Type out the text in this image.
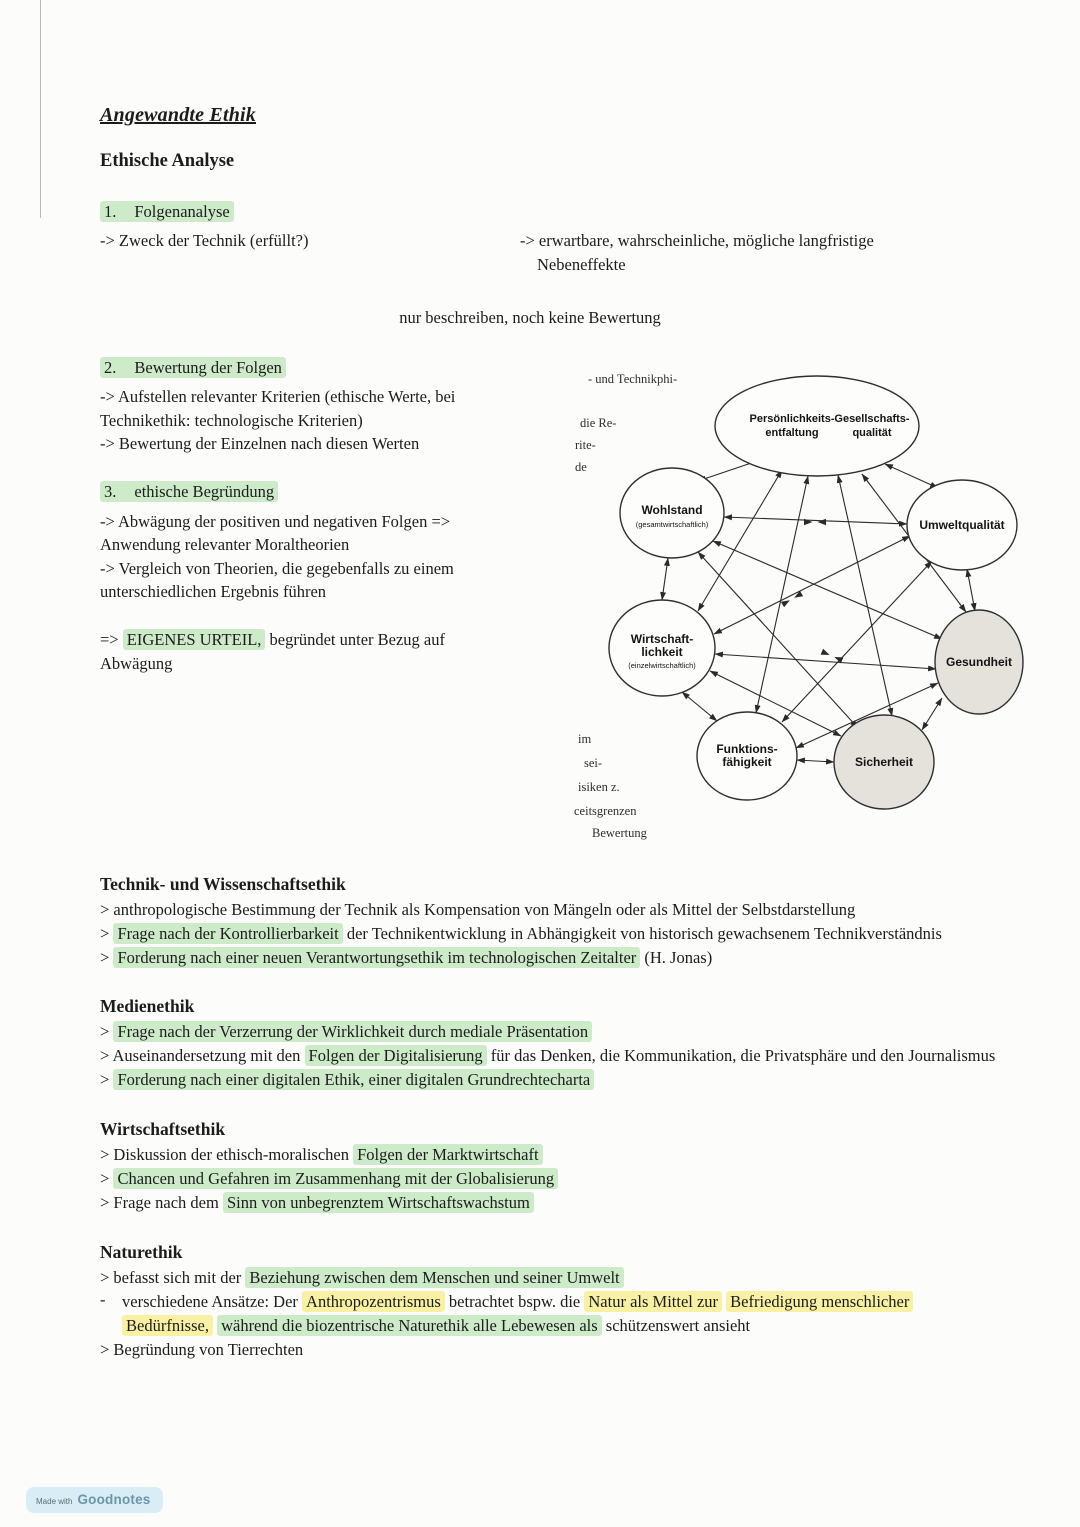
Angewandte Ethik
Ethische Analyse
1. Folgenanalyse
-> Zweck der Technik (erfüllt?)	-> erwartbare, wahrscheinliche, mögliche langfristige
Nebeneffekte
nur beschreiben, noch keine Bewertung
2. Bewertung der Folgen
-> Aufstellen relevanter Kriterien (ethische Werte, bei
Technikethik: technologische Kriterien)
-> Bewertung der Einzelnen nach diesen Werten
3. ethische Begründung
-> Abwägung der positiven und negativen Folgen =>
Anwendung relevanter Moraltheorien
-> Vergleich von Theorien, die gegebenfalls zu einem
unterschiedlichen Ergebnis führen
=> EIGENES URTEIL, begründet unter Bezug auf
Abwägung
- und Technikphi-
die Re-
rite-
de
im
sei-
isiken z.
ceitsgrenzen
Bewertung
Persönlichkeits-
entfaltung
Gesellschafts-
qualität
Wohlstand
(gesamtwirtschaftlich)	Umweltqualität
Wirtschaft-
lichkeit
(einzelwirtschaftlich)	Gesundheit
Funktions-
fähigkeit	Sicherheit
Technik- und Wissenschaftsethik
> anthropologische Bestimmung der Technik als Kompensation von Mängeln oder als Mittel der Selbstdarstellung
> Frage nach der Kontrollierbarkeit der Technikentwicklung in Abhängigkeit von historisch gewachsenem Technikverständnis
> Forderung nach einer neuen Verantwortungsethik im technologischen Zeitalter (H. Jonas)
Medienethik
> Frage nach der Verzerrung der Wirklichkeit durch mediale Präsentation
> Auseinandersetzung mit den Folgen der Digitalisierung für das Denken, die Kommunikation, die Privatsphäre und den Journalismus
> Forderung nach einer digitalen Ethik, einer digitalen Grundrechtecharta
Wirtschaftsethik
> Diskussion der ethisch-moralischen Folgen der Marktwirtschaft
> Chancen und Gefahren im Zusammenhang mit der Globalisierung
> Frage nach dem Sinn von unbegrenztem Wirtschaftswachstum
Naturethik
> befasst sich mit der Beziehung zwischen dem Menschen und seiner Umwelt
- verschiedene Ansätze: Der Anthropozentrismus betrachtet bspw. die Natur als Mittel zur Befriedigung menschlicher Bedürfnisse, während die biozentrische Naturethik alle Lebewesen als schützenswert ansieht
> Begründung von Tierrechten
Made with Goodnotes
